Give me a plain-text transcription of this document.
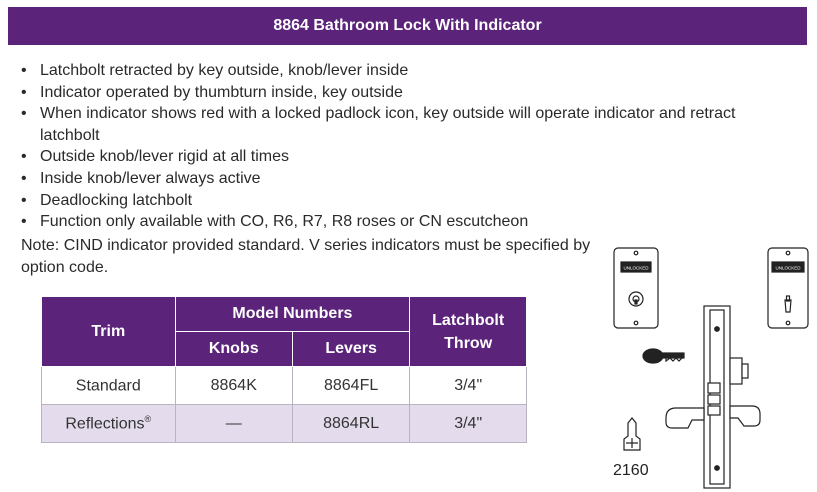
8864 Bathroom Lock With Indicator
• Latchbolt retracted by key outside, knob/lever inside
• Indicator operated by thumbturn inside, key outside
• When indicator shows red with a locked padlock icon, key outside will operate indicator and retract latchbolt
• Outside knob/lever rigid at all times
• Inside knob/lever always active
• Deadlocking latchbolt
• Function only available with CO, R6, R7, R8 roses or CN escutcheon
Note: CIND indicator provided standard. V series indicators must be specified by option code.
Trim	Model Numbers		Latchbolt Throw
	Knobs	Levers	
Standard	8864K	8864FL	3/4"
Reflections®	—	8864RL	3/4"
UNLOCKED	UNLOCKED
2160
